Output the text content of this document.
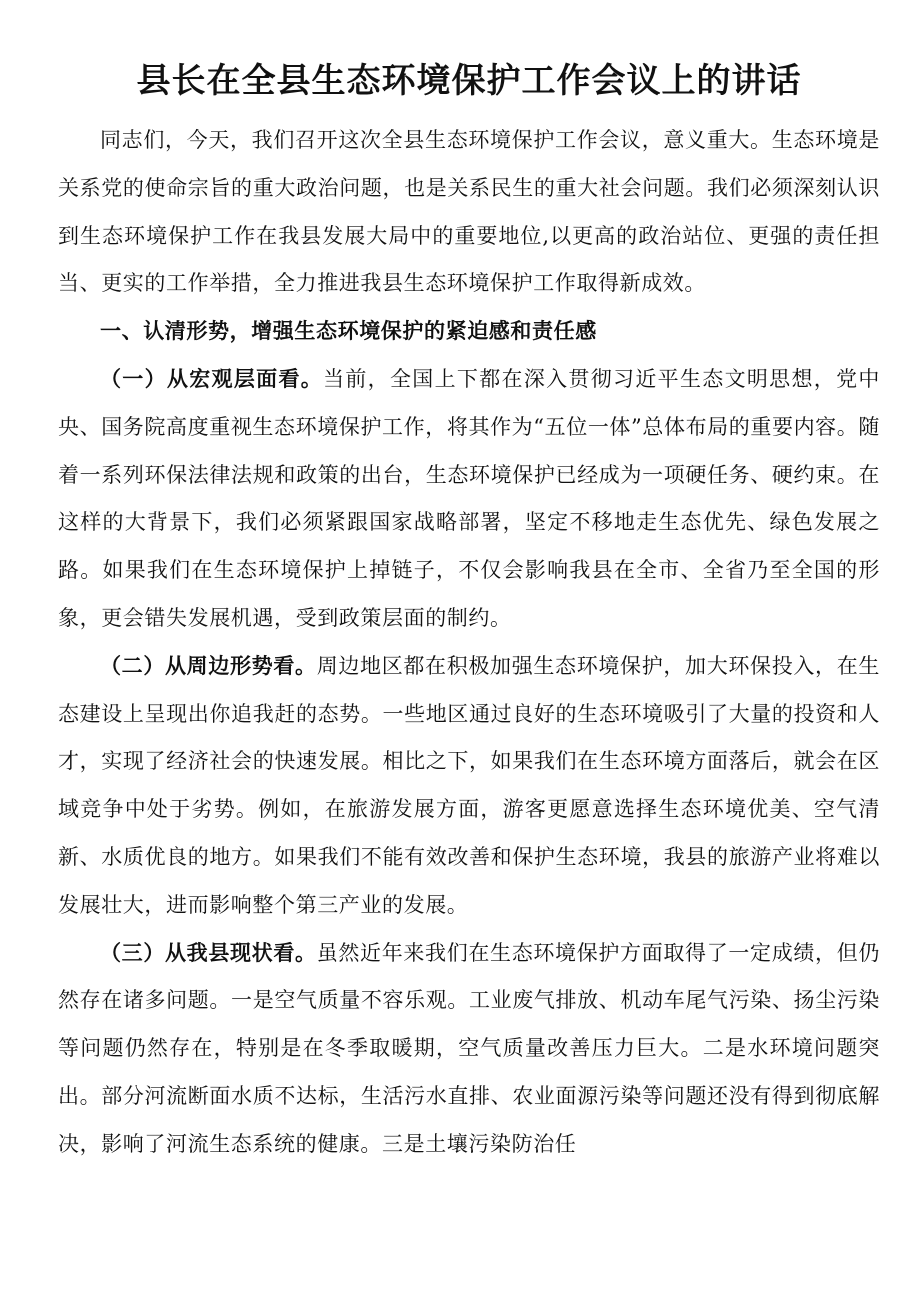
县长在全县生态环境保护工作会议上的讲话

同志们，今天，我们召开这次全县生态环境保护工作会议，意义重大。生态环境是关系党的使命宗旨的重大政治问题，也是关系民生的重大社会问题。我们必须深刻认识到生态环境保护工作在我县发展大局中的重要地位,以更高的政治站位、更强的责任担当、更实的工作举措，全力推进我县生态环境保护工作取得新成效。

一、认清形势，增强生态环境保护的紧迫感和责任感

（一）从宏观层面看。当前，全国上下都在深入贯彻习近平生态文明思想，党中央、国务院高度重视生态环境保护工作，将其作为“五位一体”总体布局的重要内容。随着一系列环保法律法规和政策的出台，生态环境保护已经成为一项硬任务、硬约束。在这样的大背景下，我们必须紧跟国家战略部署，坚定不移地走生态优先、绿色发展之路。如果我们在生态环境保护上掉链子，不仅会影响我县在全市、全省乃至全国的形象，更会错失发展机遇，受到政策层面的制约。

（二）从周边形势看。周边地区都在积极加强生态环境保护，加大环保投入，在生态建设上呈现出你追我赶的态势。一些地区通过良好的生态环境吸引了大量的投资和人才，实现了经济社会的快速发展。相比之下，如果我们在生态环境方面落后，就会在区域竞争中处于劣势。例如，在旅游发展方面，游客更愿意选择生态环境优美、空气清新、水质优良的地方。如果我们不能有效改善和保护生态环境，我县的旅游产业将难以发展壮大，进而影响整个第三产业的发展。

（三）从我县现状看。虽然近年来我们在生态环境保护方面取得了一定成绩，但仍然存在诸多问题。一是空气质量不容乐观。工业废气排放、机动车尾气污染、扬尘污染等问题仍然存在，特别是在冬季取暖期，空气质量改善压力巨大。二是水环境问题突出。部分河流断面水质不达标，生活污水直排、农业面源污染等问题还没有得到彻底解决，影响了河流生态系统的健康。三是土壤污染防治任
